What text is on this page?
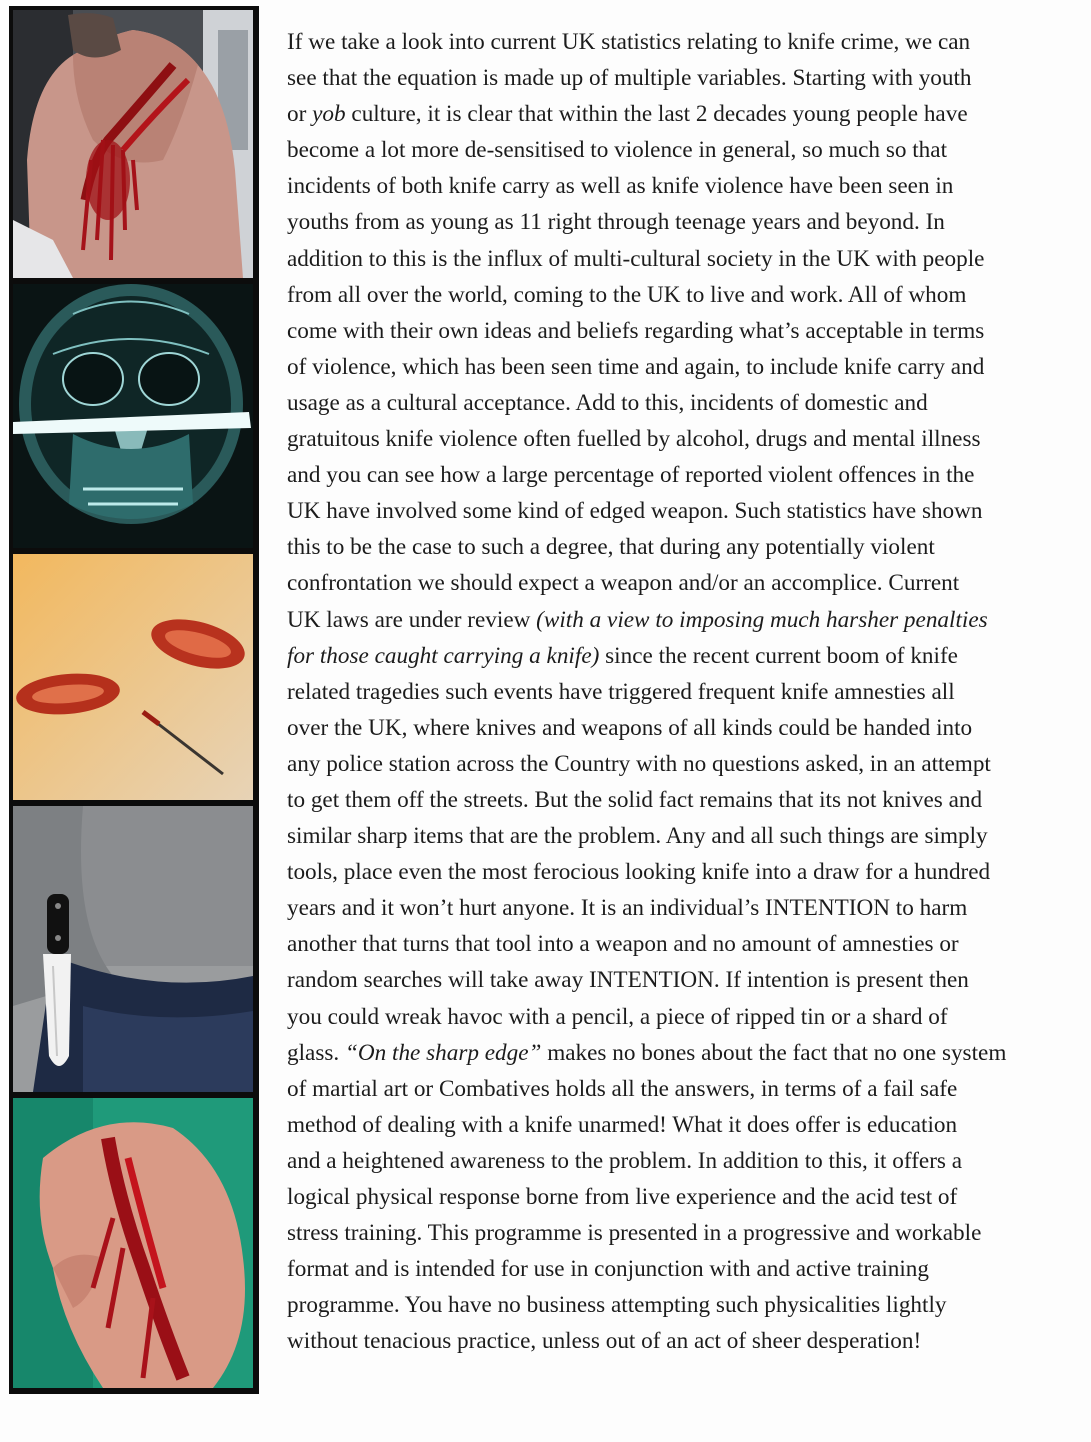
If we take a look into current UK statistics relating to knife crime, we can
see that the equation is made up of multiple variables. Starting with youth
or yob culture, it is clear that within the last 2 decades young people have
become a lot more de-sensitised to violence in general, so much so that
incidents of both knife carry as well as knife violence have been seen in
youths from as young as 11 right through teenage years and beyond. In
addition to this is the influx of multi-cultural society in the UK with people
from all over the world, coming to the UK to live and work. All of whom
come with their own ideas and beliefs regarding what’s acceptable in terms
of violence, which has been seen time and again, to include knife carry and
usage as a cultural acceptance. Add to this, incidents of domestic and
gratuitous knife violence often fuelled by alcohol, drugs and mental illness
and you can see how a large percentage of reported violent offences in the
UK have involved some kind of edged weapon. Such statistics have shown
this to be the case to such a degree, that during any potentially violent
confrontation we should expect a weapon and/or an accomplice. Current
UK laws are under review (with a view to imposing much harsher penalties
for those caught carrying a knife) since the recent current boom of knife
related tragedies such events have triggered frequent knife amnesties all
over the UK, where knives and weapons of all kinds could be handed into
any police station across the Country with no questions asked, in an attempt
to get them off the streets. But the solid fact remains that its not knives and
similar sharp items that are the problem. Any and all such things are simply
tools, place even the most ferocious looking knife into a draw for a hundred
years and it won’t hurt anyone. It is an individual’s INTENTION to harm
another that turns that tool into a weapon and no amount of amnesties or
random searches will take away INTENTION. If intention is present then
you could wreak havoc with a pencil, a piece of ripped tin or a shard of
glass. “On the sharp edge” makes no bones about the fact that no one system
of martial art or Combatives holds all the answers, in terms of a fail safe
method of dealing with a knife unarmed! What it does offer is education
and a heightened awareness to the problem. In addition to this, it offers a
logical physical response borne from live experience and the acid test of
stress training. This programme is presented in a progressive and workable
format and is intended for use in conjunction with and active training
programme. You have no business attempting such physicalities lightly
without tenacious practice, unless out of an act of sheer desperation!
